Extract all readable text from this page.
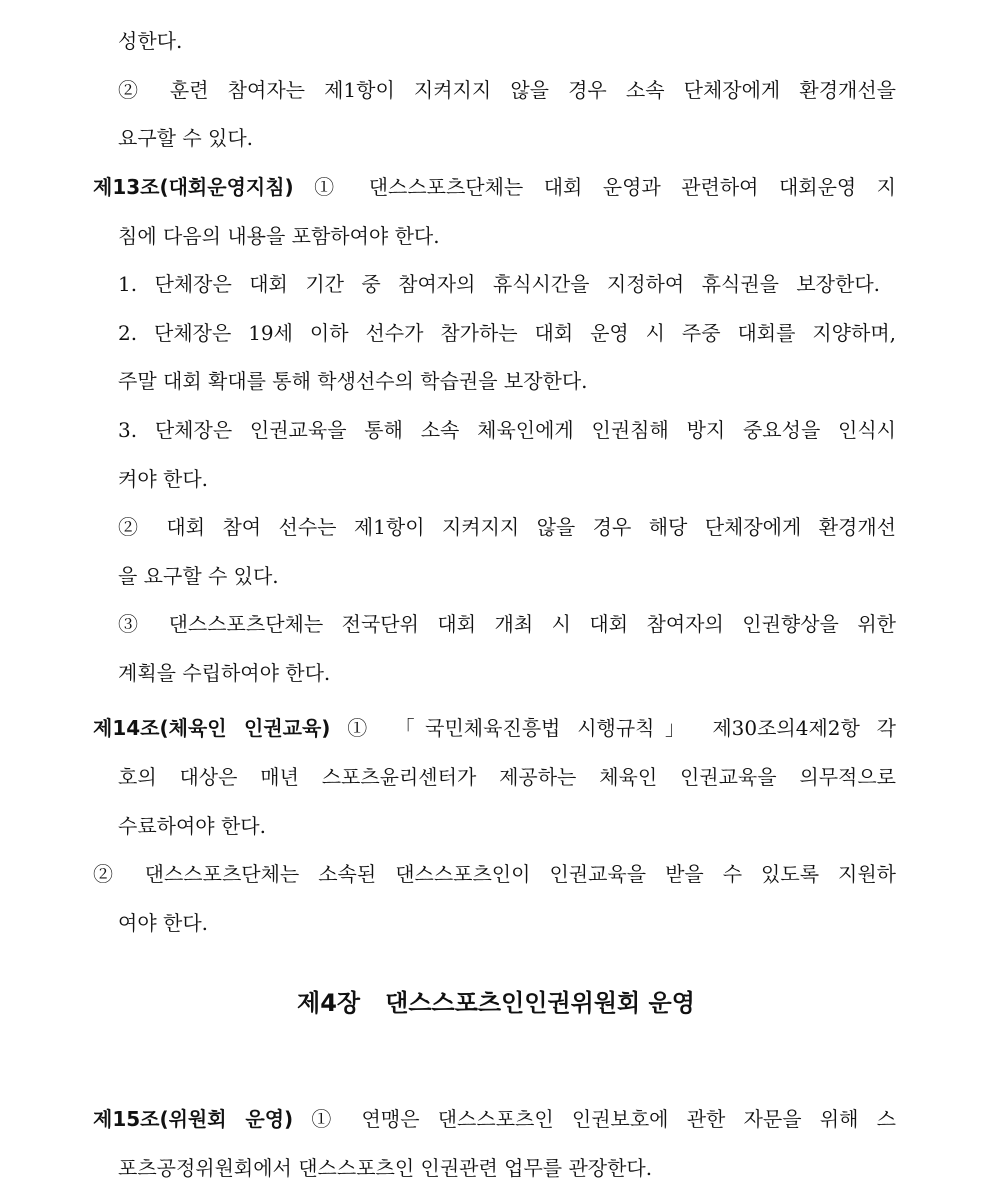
성한다.
② 훈련 참여자는 제1항이 지켜지지 않을 경우 소속 단체장에게 환경개선을
요구할 수 있다.
제13조(대회운영지침) ① 댄스스포츠단체는 대회 운영과 관련하여 대회운영 지
침에 다음의 내용을 포함하여야 한다.
1. 단체장은 대회 기간 중 참여자의 휴식시간을 지정하여 휴식권을 보장한다.
2. 단체장은 19세 이하 선수가 참가하는 대회 운영 시 주중 대회를 지양하며,
주말 대회 확대를 통해 학생선수의 학습권을 보장한다.
3. 단체장은 인권교육을 통해 소속 체육인에게 인권침해 방지 중요성을 인식시
켜야 한다.
② 대회 참여 선수는 제1항이 지켜지지 않을 경우 해당 단체장에게 환경개선
을 요구할 수 있다.
③ 댄스스포츠단체는 전국단위 대회 개최 시 대회 참여자의 인권향상을 위한
계획을 수립하여야 한다.
제14조(체육인 인권교육) ① 「국민체육진흥법 시행규칙」 제30조의4제2항 각
호의 대상은 매년 스포츠윤리센터가 제공하는 체육인 인권교육을 의무적으로
수료하여야 한다.
② 댄스스포츠단체는 소속된 댄스스포츠인이 인권교육을 받을 수 있도록 지원하
여야 한다.
제4장   댄스스포츠인인권위원회 운영
제15조(위원회 운영) ① 연맹은 댄스스포츠인 인권보호에 관한 자문을 위해 스
포츠공정위원회에서 댄스스포츠인 인권관련 업무를 관장한다.
